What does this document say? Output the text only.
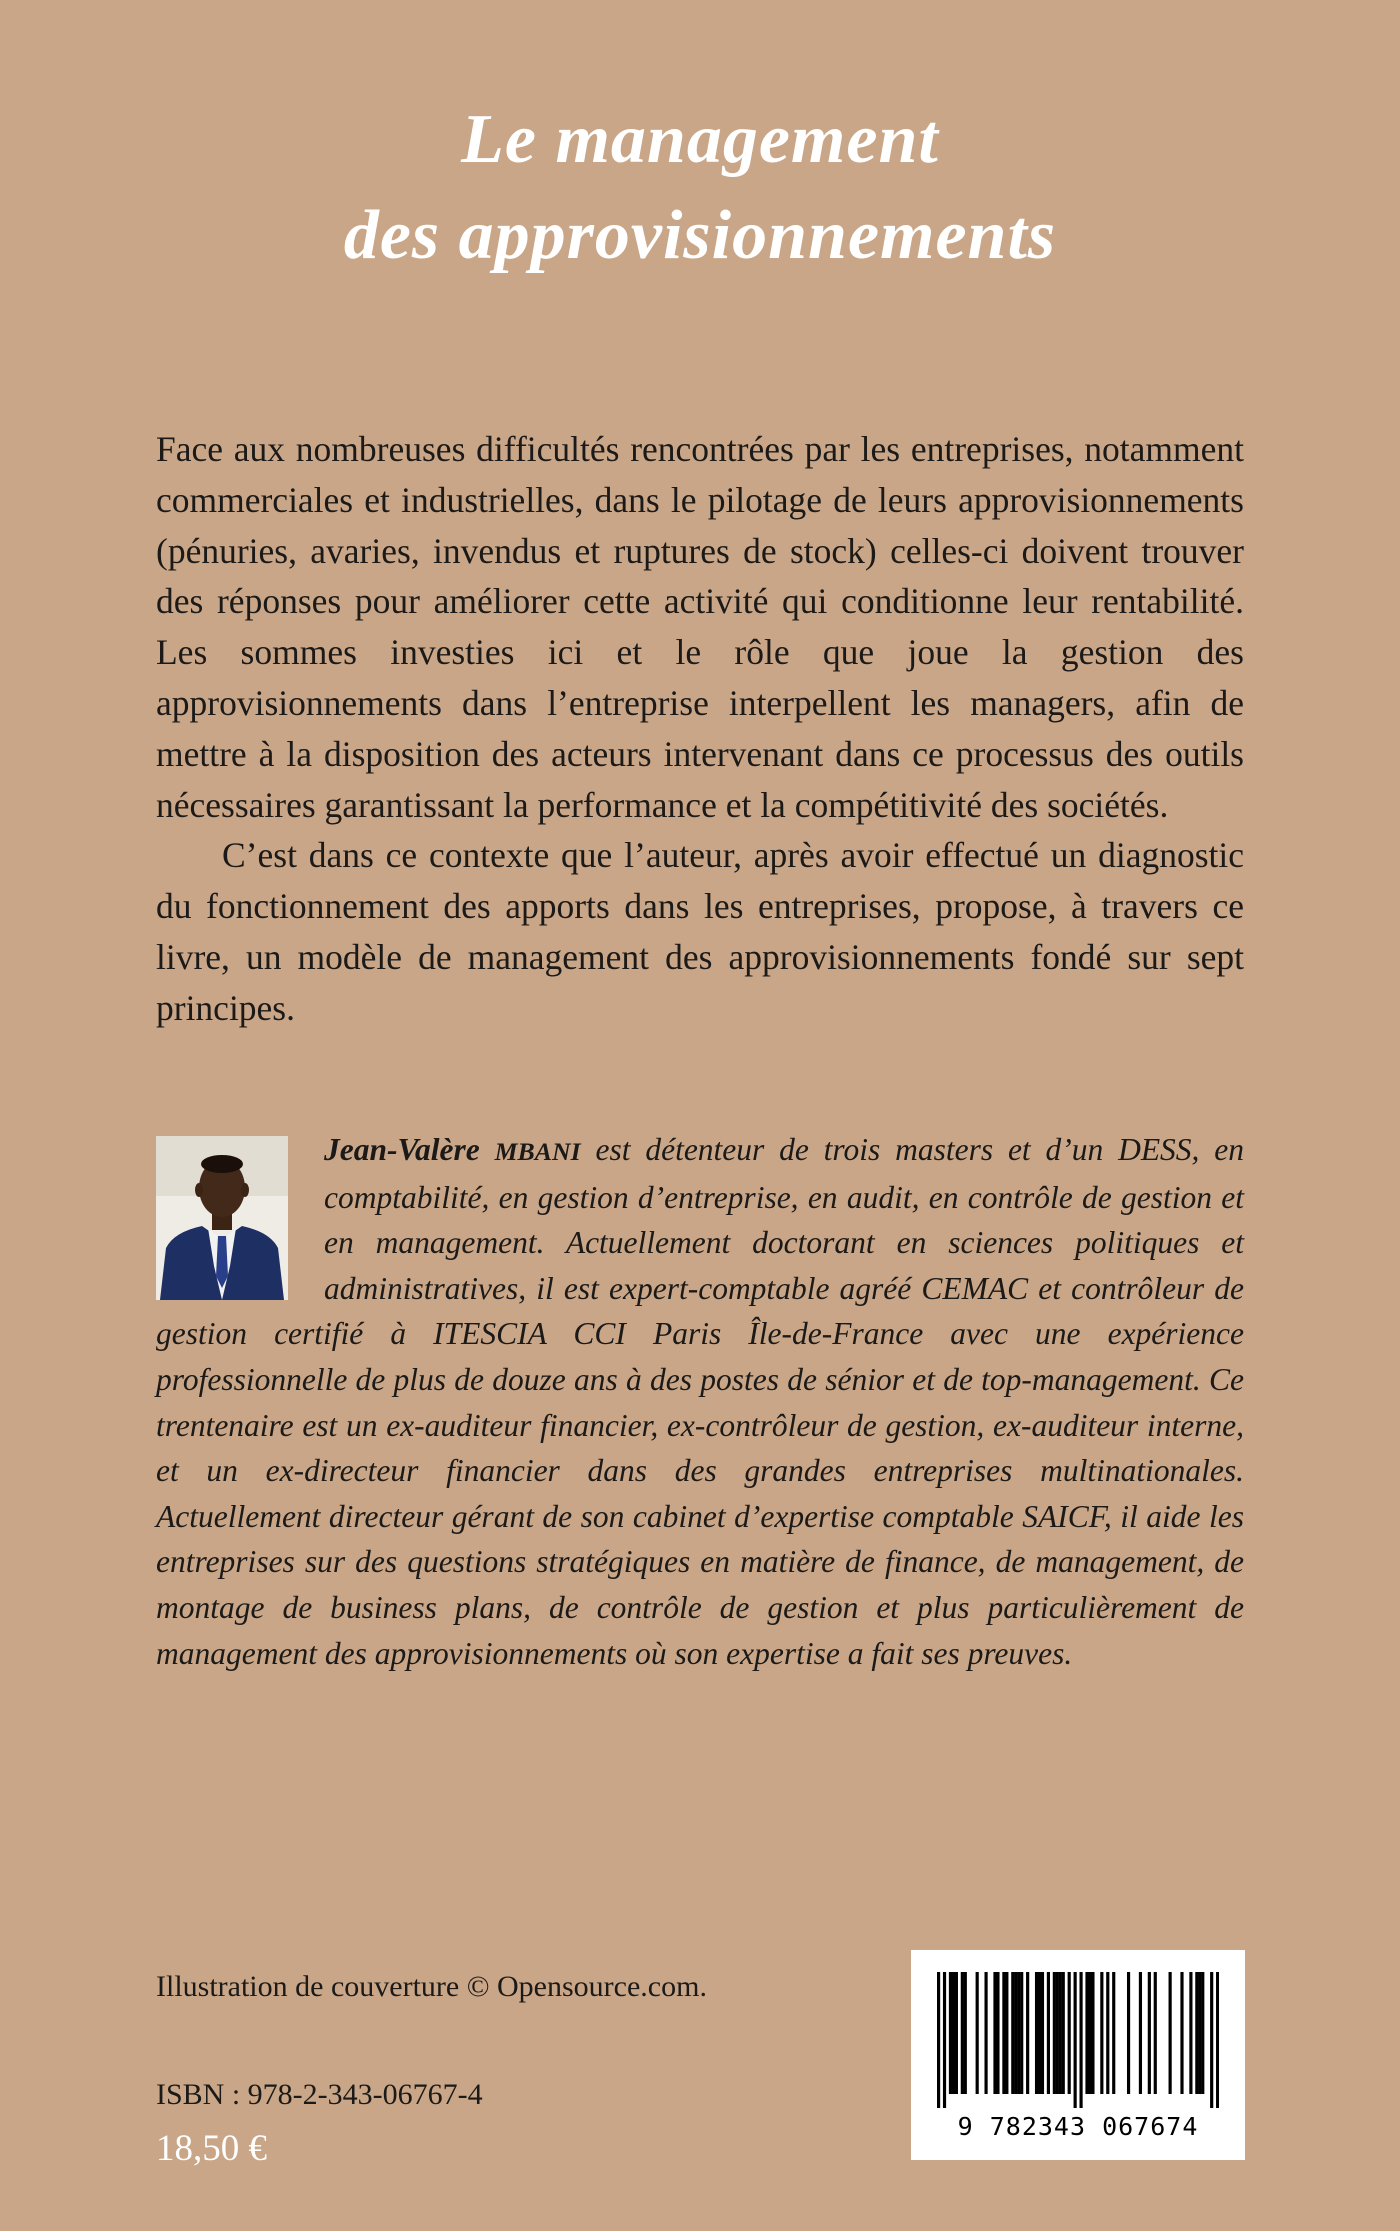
Le management
des approvisionnements

Face aux nombreuses difficultés rencontrées par les entreprises, notamment commerciales et industrielles, dans le pilotage de leurs approvisionnements (pénuries, avaries, invendus et ruptures de stock) celles-ci doivent trouver des réponses pour améliorer cette activité qui conditionne leur rentabilité. Les sommes investies ici et le rôle que joue la gestion des approvisionnements dans l’entreprise interpellent les managers, afin de mettre à la disposition des acteurs intervenant dans ce processus des outils nécessaires garantissant la performance et la compétitivité des sociétés.

C’est dans ce contexte que l’auteur, après avoir effectué un diagnostic du fonctionnement des apports dans les entreprises, propose, à travers ce livre, un modèle de management des approvisionnements fondé sur sept principes.

Jean-Valère MBANI est détenteur de trois masters et d’un DESS, en comptabilité, en gestion d’entreprise, en audit, en contrôle de gestion et en management. Actuellement doctorant en sciences politiques et administratives, il est expert-comptable agréé CEMAC et contrôleur de gestion certifié à ITESCIA CCI Paris Île-de-France avec une expérience professionnelle de plus de douze ans à des postes de sénior et de top-management. Ce trentenaire est un ex-auditeur financier, ex-contrôleur de gestion, ex-auditeur interne, et un ex-directeur financier dans des grandes entreprises multinationales. Actuellement directeur gérant de son cabinet d’expertise comptable SAICF, il aide les entreprises sur des questions stratégiques en matière de finance, de management, de montage de business plans, de contrôle de gestion et plus particulièrement de management des approvisionnements où son expertise a fait ses preuves.

Illustration de couverture © Opensource.com.
ISBN : 978-2-343-06767-4
18,50 €
9 782343 067674
